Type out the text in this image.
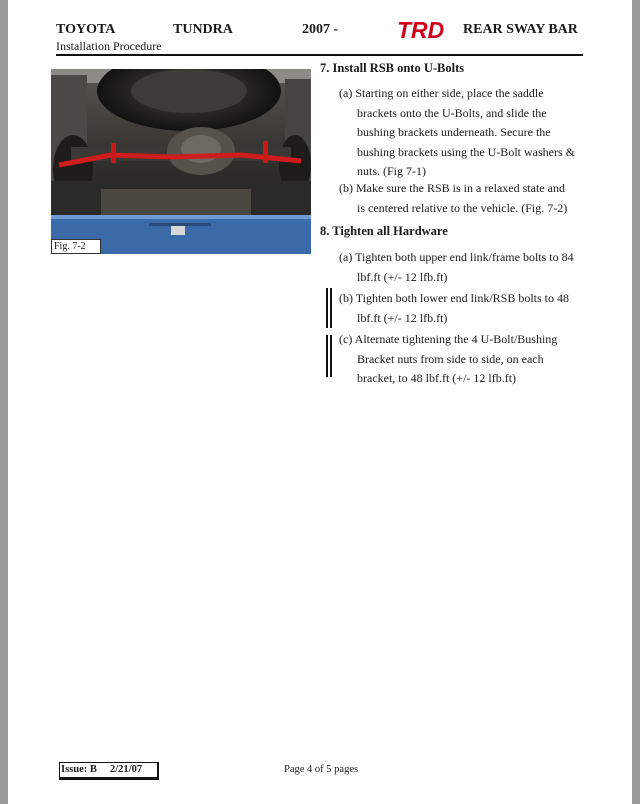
TOYOTA	TUNDRA	2007 -	TRD REAR SWAY BAR
Installation Procedure
Fig. 7-2
7. Install RSB onto U-Bolts
(a) Starting on either side, place the saddle
brackets onto the U-Bolts, and slide the
bushing brackets underneath. Secure the
bushing brackets using the U-Bolt washers &
nuts. (Fig 7-1)
(b) Make sure the RSB is in a relaxed state and
is centered relative to the vehicle. (Fig. 7-2)
8. Tighten all Hardware
(a) Tighten both upper end link/frame bolts to 84
lbf.ft (+/- 12 lfb.ft)
(b) Tighten both lower end link/RSB bolts to 48
lbf.ft (+/- 12 lfb.ft)
(c) Alternate tightening the 4 U-Bolt/Bushing
Bracket nuts from side to side, on each
bracket, to 48 lbf.ft (+/- 12 lfb.ft)
Issue: B 2/21/07	Page 4 of 5 pages
